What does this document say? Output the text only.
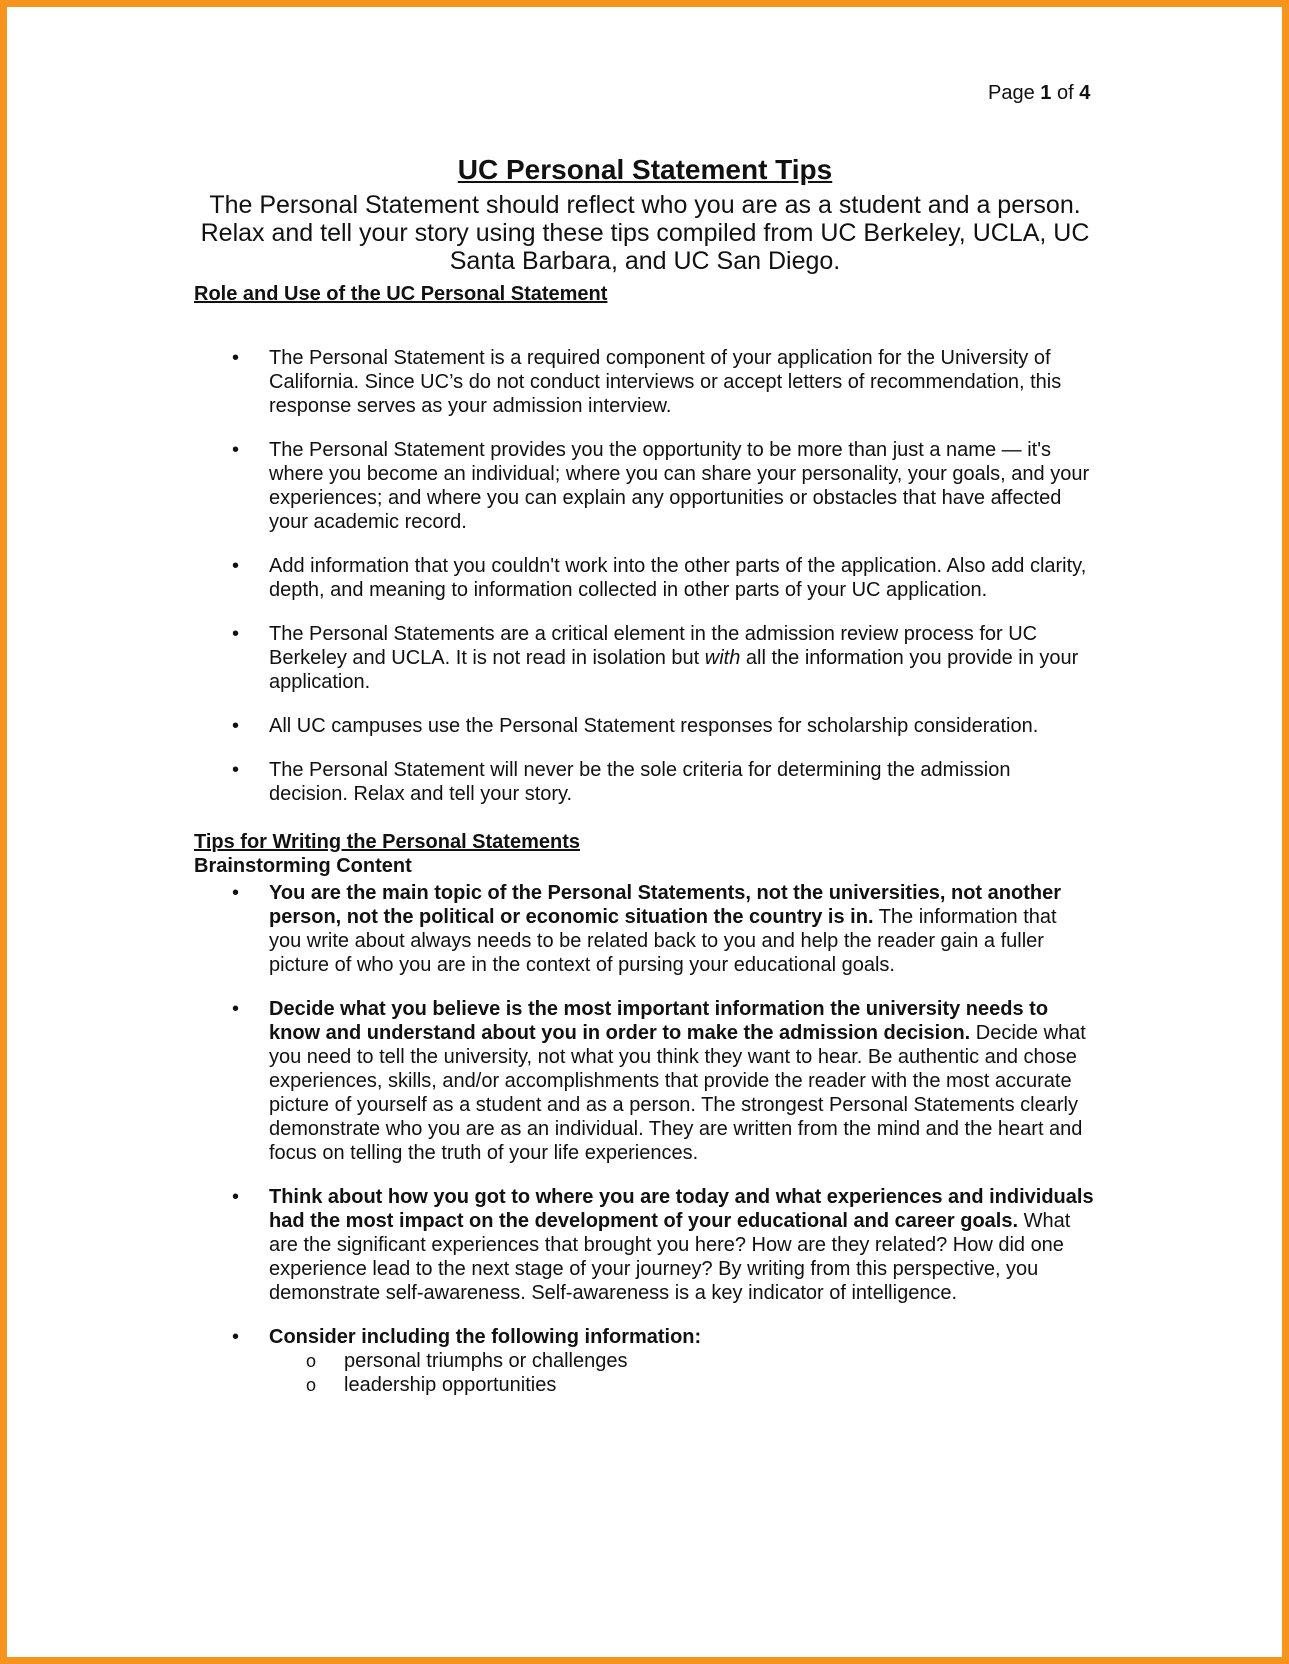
Page 1 of 4
UC Personal Statement Tips
The Personal Statement should reflect who you are as a student and a person. Relax and tell your story using these tips compiled from UC Berkeley, UCLA, UC Santa Barbara, and UC San Diego.
Role and Use of the UC Personal Statement
• The Personal Statement is a required component of your application for the University of California. Since UC’s do not conduct interviews or accept letters of recommendation, this response serves as your admission interview.
• The Personal Statement provides you the opportunity to be more than just a name — it's where you become an individual; where you can share your personality, your goals, and your experiences; and where you can explain any opportunities or obstacles that have affected your academic record.
• Add information that you couldn't work into the other parts of the application. Also add clarity, depth, and meaning to information collected in other parts of your UC application.
• The Personal Statements are a critical element in the admission review process for UC Berkeley and UCLA. It is not read in isolation but with all the information you provide in your application.
• All UC campuses use the Personal Statement responses for scholarship consideration.
• The Personal Statement will never be the sole criteria for determining the admission decision. Relax and tell your story.
Tips for Writing the Personal Statements
Brainstorming Content
• You are the main topic of the Personal Statements, not the universities, not another person, not the political or economic situation the country is in. The information that you write about always needs to be related back to you and help the reader gain a fuller picture of who you are in the context of pursing your educational goals.
• Decide what you believe is the most important information the university needs to know and understand about you in order to make the admission decision. Decide what you need to tell the university, not what you think they want to hear. Be authentic and chose experiences, skills, and/or accomplishments that provide the reader with the most accurate picture of yourself as a student and as a person. The strongest Personal Statements clearly demonstrate who you are as an individual. They are written from the mind and the heart and focus on telling the truth of your life experiences.
• Think about how you got to where you are today and what experiences and individuals had the most impact on the development of your educational and career goals. What are the significant experiences that brought you here? How are they related? How did one experience lead to the next stage of your journey? By writing from this perspective, you demonstrate self-awareness. Self-awareness is a key indicator of intelligence.
• Consider including the following information:
o personal triumphs or challenges
o leadership opportunities
